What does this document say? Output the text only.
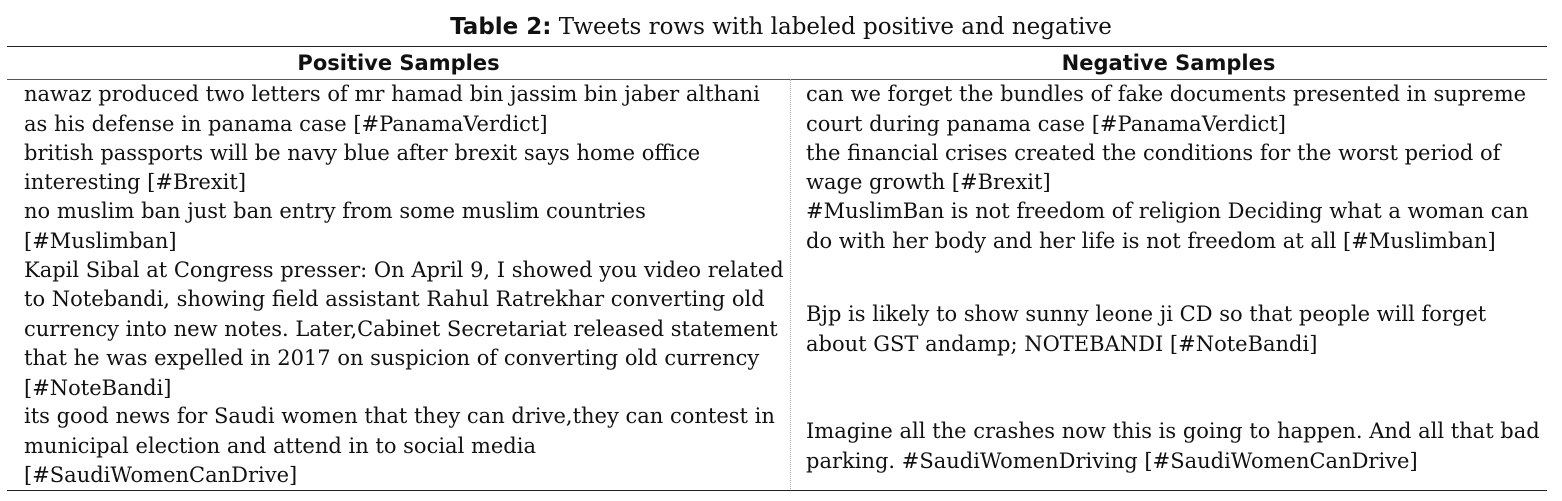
Table 2: Tweets rows with labeled positive and negative
Positive Samples	Negative Samples
nawaz produced two letters of mr hamad bin jassim bin jaber althani
as his defense in panama case [#PanamaVerdict]
can we forget the bundles of fake documents presented in supreme
court during panama case [#PanamaVerdict]
british passports will be navy blue after brexit says home office
interesting [#Brexit]
the financial crises created the conditions for the worst period of
wage growth [#Brexit]
no muslim ban just ban entry from some muslim countries
[#Muslimban]
#MuslimBan is not freedom of religion Deciding what a woman can
do with her body and her life is not freedom at all [#Muslimban]
Kapil Sibal at Congress presser: On April 9, I showed you video related
to Notebandi, showing field assistant Rahul Ratrekhar converting old
currency into new notes. Later,Cabinet Secretariat released statement
that he was expelled in 2017 on suspicion of converting old currency
[#NoteBandi]
Bjp is likely to show sunny leone ji CD so that people will forget
about GST andamp; NOTEBANDI [#NoteBandi]
its good news for Saudi women that they can drive,they can contest in
municipal election and attend in to social media
[#SaudiWomenCanDrive]
Imagine all the crashes now this is going to happen. And all that bad
parking. #SaudiWomenDriving [#SaudiWomenCanDrive]
